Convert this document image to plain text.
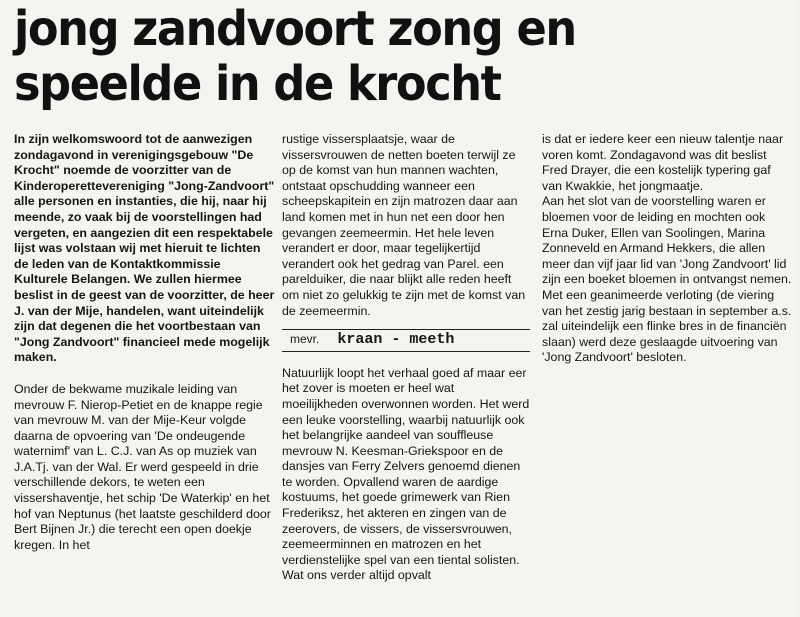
jong zandvoort zong en speelde in de krocht

In zijn welkomswoord tot de aanwezigen zondagavond in verenigingsgebouw "De Krocht" noemde de voorzitter van de Kinderoperettevereniging "Jong-Zandvoort" alle personen en instanties, die hij, naar hij meende, zo vaak bij de voorstellingen had vergeten, en aangezien dit een respektabele lijst was volstaan wij met hieruit te lichten de leden van de Kontaktkommissie Kulturele Belangen. We zullen hiermee beslist in de geest van de voorzitter, de heer J. van der Mije, handelen, want uiteindelijk zijn dat degenen die het voortbestaan van "Jong Zandvoort" financieel mede mogelijk maken.

Onder de bekwame muzikale leiding van mevrouw F. Nierop-Petiet en de knappe regie van mevrouw M. van der Mije-Keur volgde daarna de opvoering van 'De ondeugende waternimf' van L. C.J. van As op muziek van J.A.Tj. van der Wal. Er werd gespeeld in drie verschillende dekors, te weten een vissershaventje, het schip 'De Waterkip' en het hof van Neptunus (het laatste geschilderd door Bert Bijnen Jr.) die terecht een open doekje kregen. In het

rustige vissersplaatsje, waar de vissersvrouwen de netten boeten terwijl ze op de komst van hun mannen wachten, ontstaat opschudding wanneer een scheepskapitein en zijn matrozen daar aan land komen met in hun net een door hen gevangen zeemeermin. Het hele leven verandert er door, maar tegelijkertijd verandert ook het gedrag van Parel. een parelduiker, die naar blijkt alle reden heeft om niet zo gelukkig te zijn met de komst van de zeemeermin.

mevr. kraan - meeth

Natuurlijk loopt het verhaal goed af maar eer het zover is moeten er heel wat moeilijkheden overwonnen worden. Het werd een leuke voorstelling, waarbij natuurlijk ook het belangrijke aandeel van souffleuse mevrouw N. Keesman-Griekspoor en de dansjes van Ferry Zelvers genoemd dienen te worden. Opvallend waren de aardige kostuums, het goede grimewerk van Rien Frederiksz, het akteren en zingen van de zeerovers, de vissers, de vissersvrouwen, zeemeerminnen en matrozen en het verdienstelijke spel van een tiental solisten. Wat ons verder altijd opvalt

is dat er iedere keer een nieuw talentje naar voren komt. Zondagavond was dit beslist Fred Drayer, die een kostelijk typering gaf van Kwakkie, het jongmaatje.

Aan het slot van de voorstelling waren er bloemen voor de leiding en mochten ook Erna Duker, Ellen van Soolingen, Marina Zonneveld en Armand Hekkers, die allen meer dan vijf jaar lid van 'Jong Zandvoort' lid zijn een boeket bloemen in ontvangst nemen. Met een geanimeerde verloting (de viering van het zestig jarig bestaan in september a.s. zal uiteindelijk een flinke bres in de financiën slaan) werd deze geslaagde uitvoering van 'Jong Zandvoort' besloten.
